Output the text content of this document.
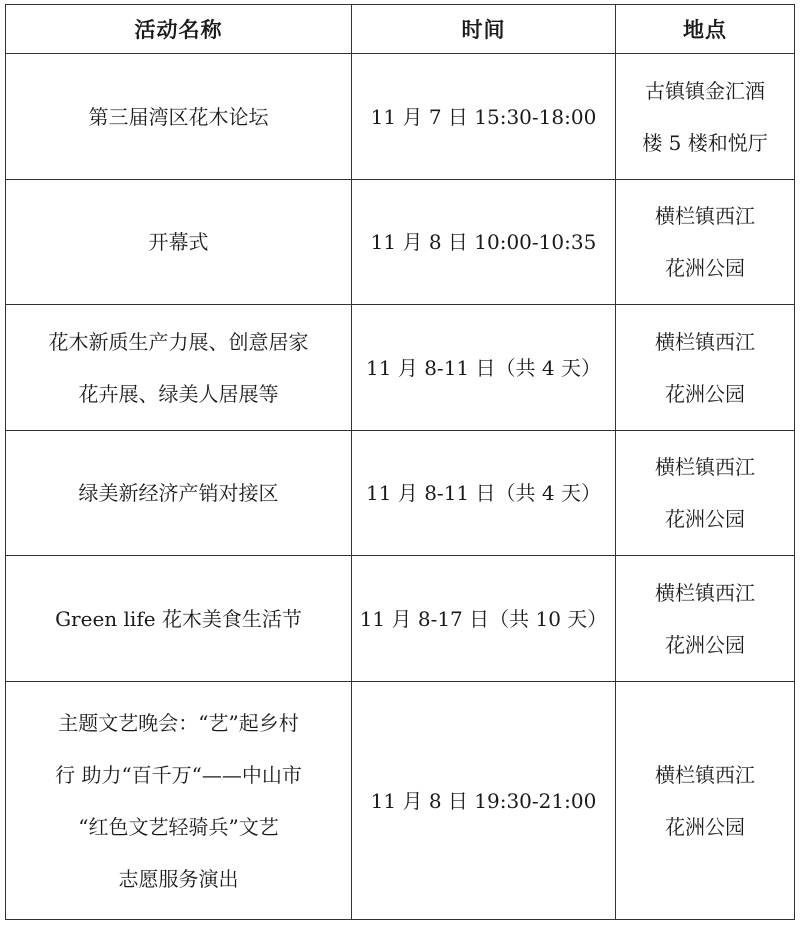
活动名称	时间	地点

第三届湾区花木论坛	11 月 7 日 15:30-18:00	古镇镇金汇酒
楼 5 楼和悦厅

开幕式	11 月 8 日 10:00-10:35	横栏镇西江
花洲公园

花木新质生产力展、创意居家
花卉展、绿美人居展等	11 月 8-11 日（共 4 天）	横栏镇西江
花洲公园

绿美新经济产销对接区	11 月 8-11 日（共 4 天）	横栏镇西江
花洲公园

Green life 花木美食生活节	11 月 8-17 日（共 10 天）	横栏镇西江
花洲公园

主题文艺晚会：“艺”起乡村
行 助力“百千万“——中山市
“红色文艺轻骑兵”文艺
志愿服务演出	11 月 8 日 19:30-21:00	横栏镇西江
花洲公园
